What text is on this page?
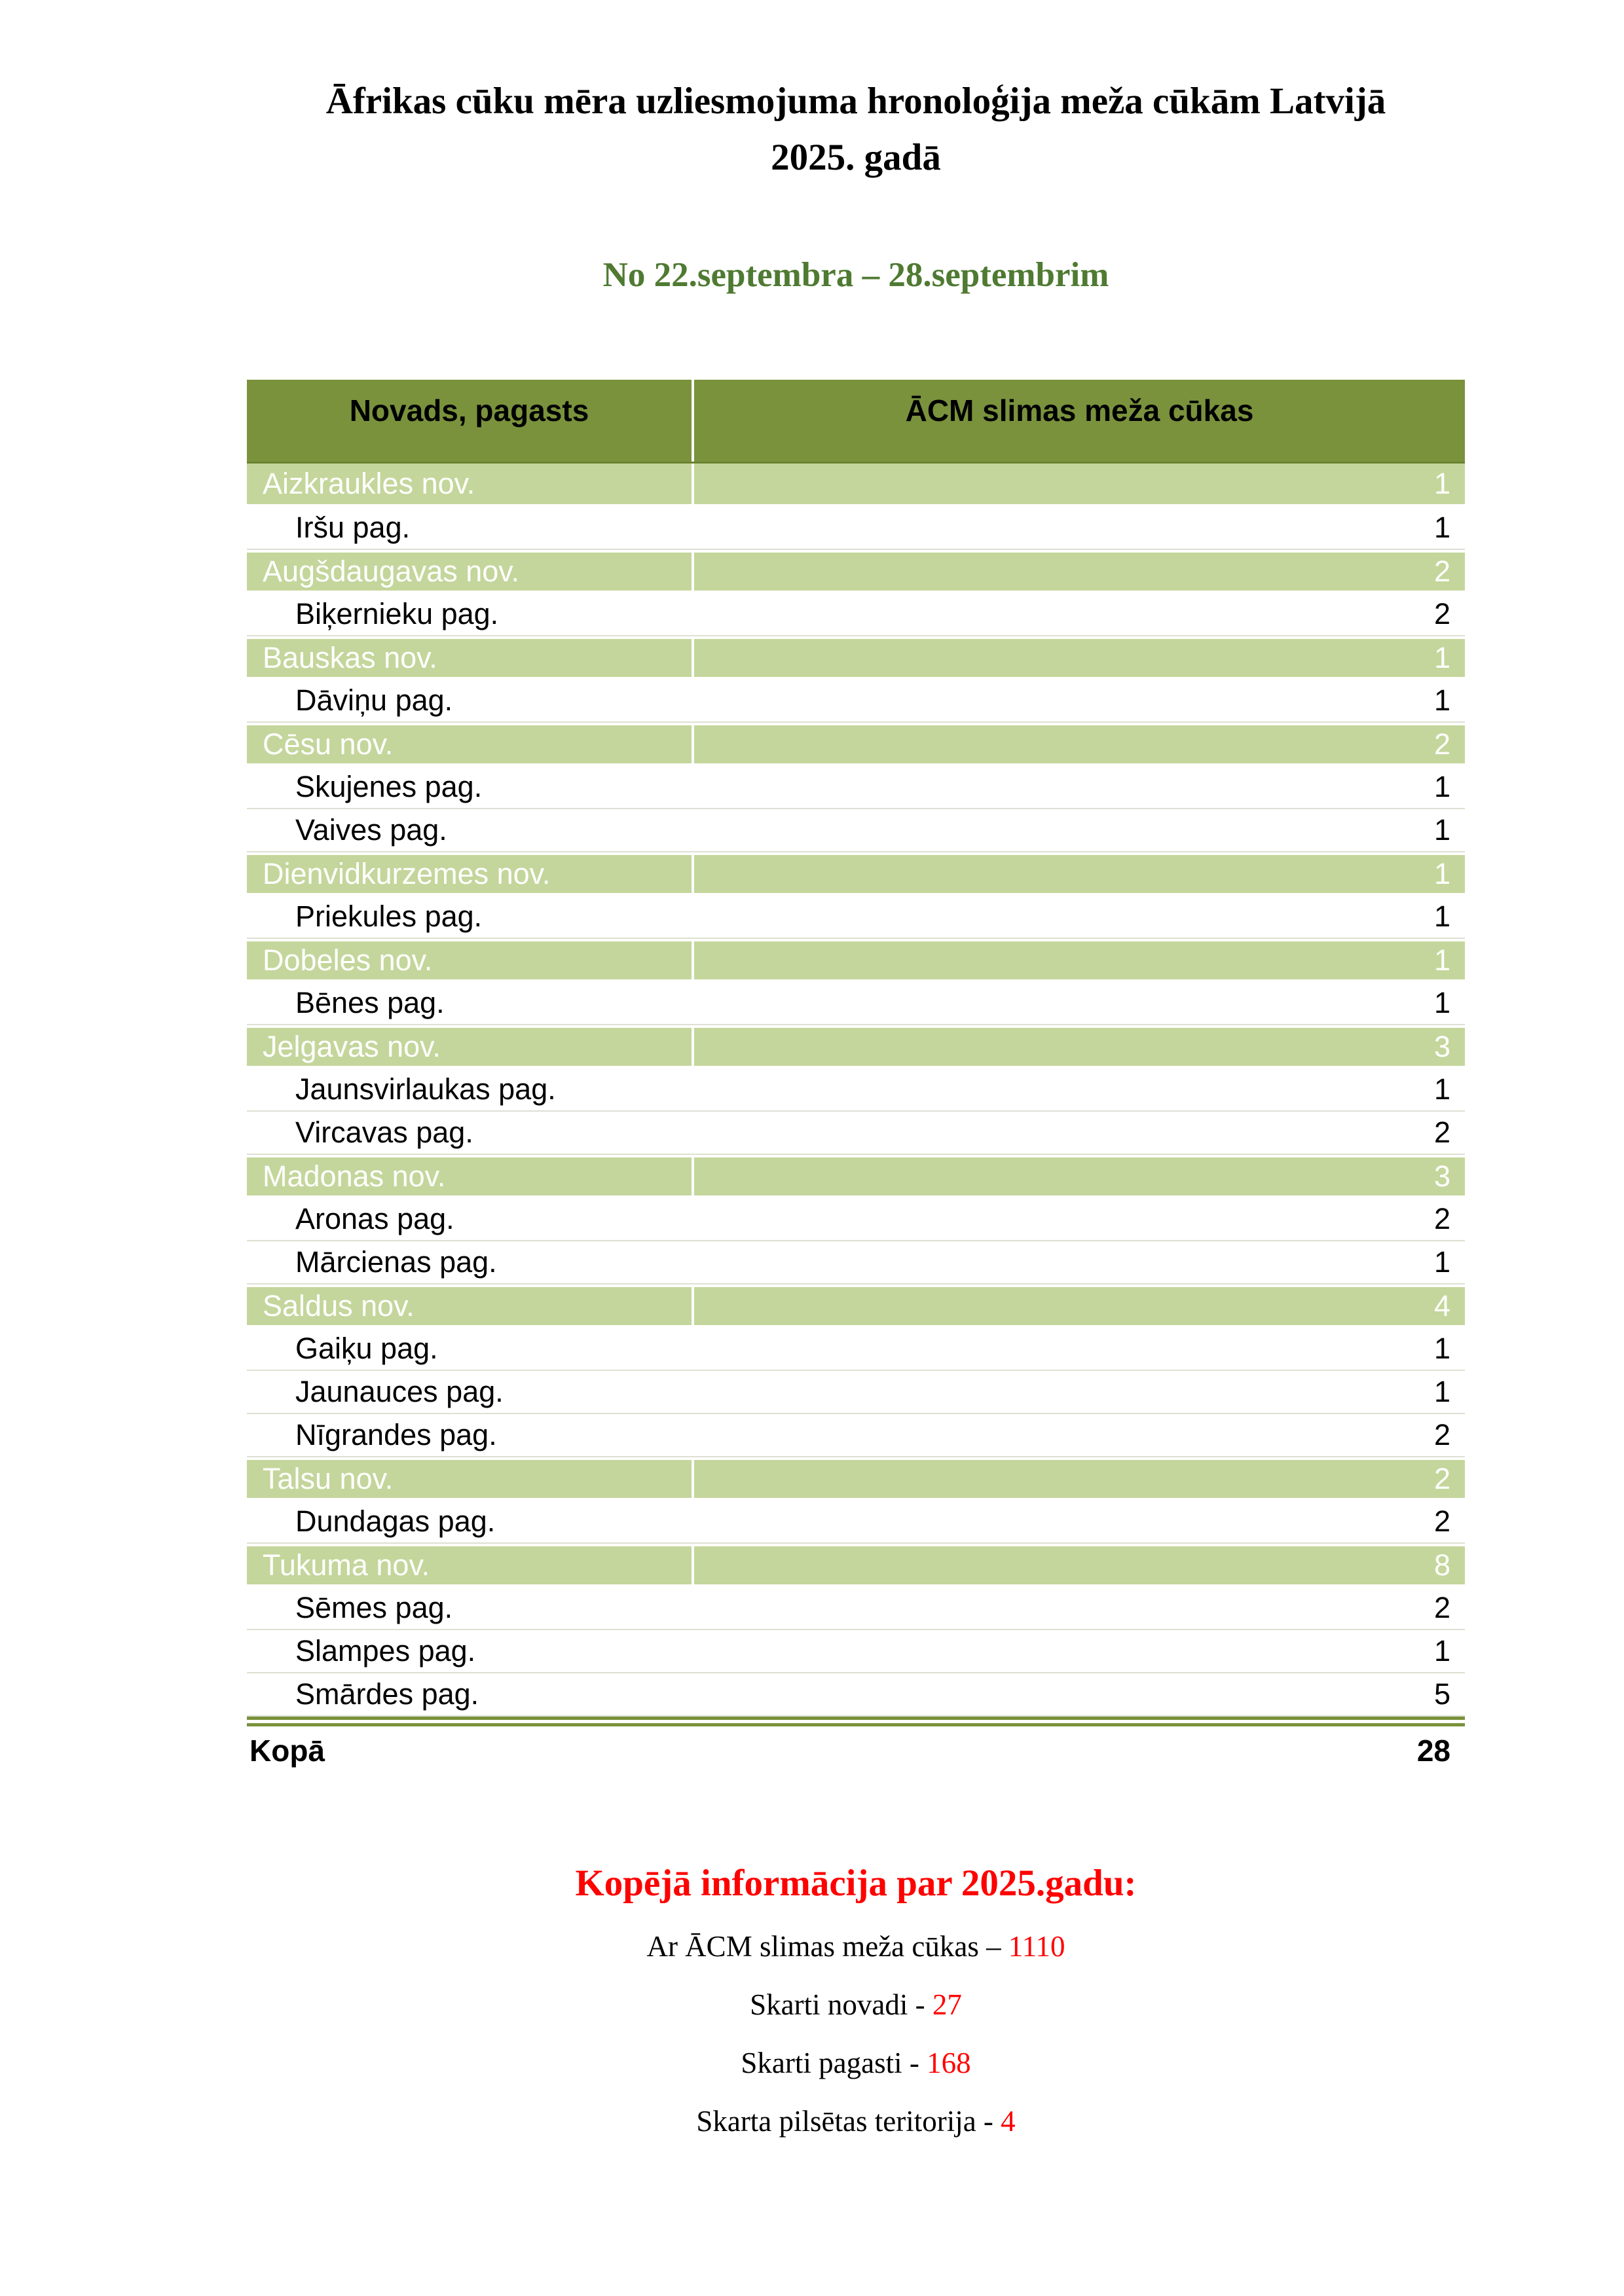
Āfrikas cūku mēra uzliesmojuma hronoloģija meža cūkām Latvijā
2025. gadā
No 22.septembra – 28.septembrim
Novads, pagasts	ĀCM slimas meža cūkas
Aizkraukles nov.	1
Iršu pag.	1
Augšdaugavas nov.	2
Biķernieku pag.	2
Bauskas nov.	1
Dāviņu pag.	1
Cēsu nov.	2
Skujenes pag.	1
Vaives pag.	1
Dienvidkurzemes nov.	1
Priekules pag.	1
Dobeles nov.	1
Bēnes pag.	1
Jelgavas nov.	3
Jaunsvirlaukas pag.	1
Vircavas pag.	2
Madonas nov.	3
Aronas pag.	2
Mārcienas pag.	1
Saldus nov.	4
Gaiķu pag.	1
Jaunauces pag.	1
Nīgrandes pag.	2
Talsu nov.	2
Dundagas pag.	2
Tukuma nov.	8
Sēmes pag.	2
Slampes pag.	1
Smārdes pag.	5
Kopā	28
Kopējā informācija par 2025.gadu:
Ar ĀCM slimas meža cūkas – 1110
Skarti novadi - 27
Skarti pagasti - 168
Skarta pilsētas teritorija - 4
